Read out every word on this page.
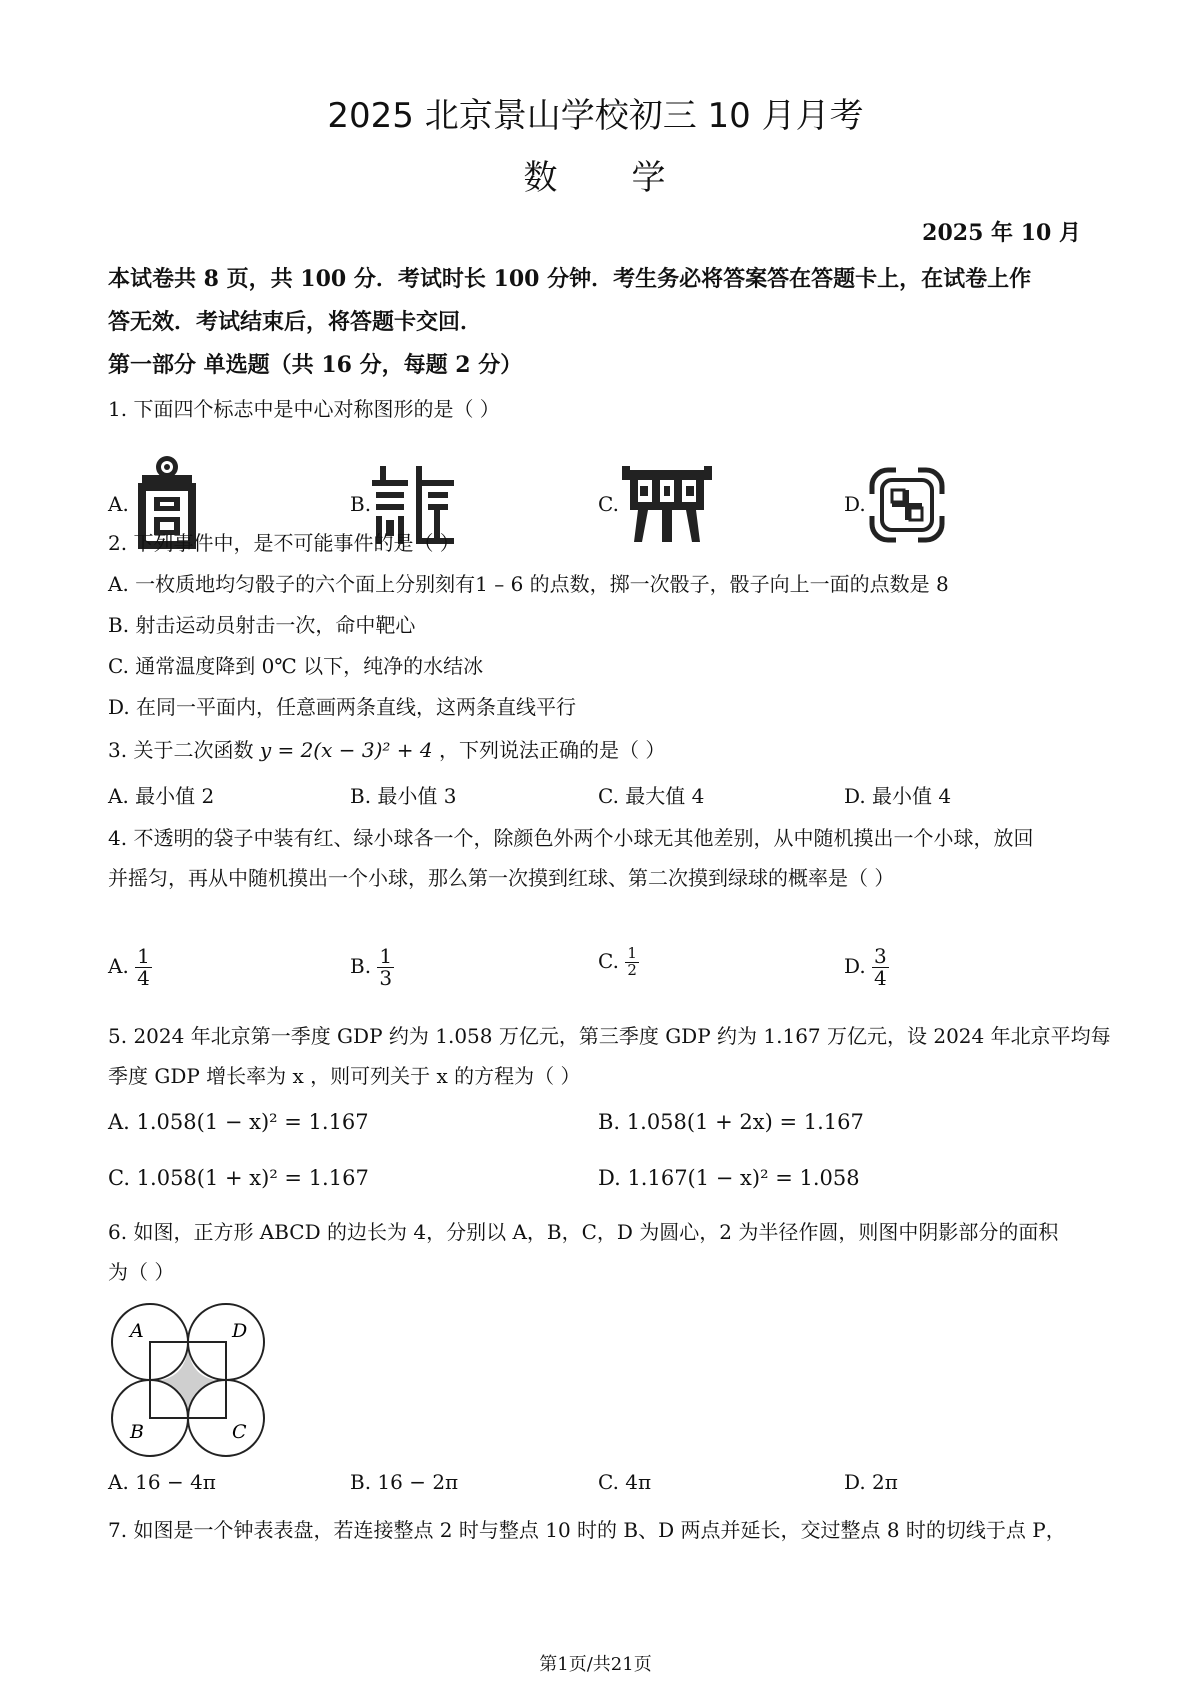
2025 北京景山学校初三 10 月月考
数　　学
2025 年 10 月
本试卷共 8 页，共 100 分．考试时长 100 分钟．考生务必将答案答在答题卡上，在试卷上作
答无效．考试结束后，将答题卡交回．
第一部分 单选题（共 16 分，每题 2 分）
1. 下面四个标志中是中心对称图形的是（ ）
A.	B.	C.	D.
2. 下列事件中，是不可能事件的是（ ）
A. 一枚质地均匀骰子的六个面上分别刻有1 – 6 的点数，掷一次骰子，骰子向上一面的点数是 8
B. 射击运动员射击一次，命中靶心
C. 通常温度降到 0℃ 以下，纯净的水结冰
D. 在同一平面内，任意画两条直线，这两条直线平行
3. 关于二次函数 y = 2(x − 3)² + 4 ，下列说法正确的是（ ）
A. 最小值 2	B. 最小值 3	C. 最大值 4	D. 最小值 4
4. 不透明的袋子中装有红、绿小球各一个，除颜色外两个小球无其他差别，从中随机摸出一个小球，放回
并摇匀，再从中随机摸出一个小球，那么第一次摸到红球、第二次摸到绿球的概率是（ ）
A. $\frac{1}{4}$	B. $\frac{1}{3}$	C. $\frac{1}{2}$	D. $\frac{3}{4}$
5. 2024 年北京第一季度 GDP 约为 1.058 万亿元，第三季度 GDP 约为 1.167 万亿元，设 2024 年北京平均每
季度 GDP 增长率为 x ，则可列关于 x 的方程为（ ）
A. 1.058(1 − x)² = 1.167	B. 1.058(1 + 2x) = 1.167
C. 1.058(1 + x)² = 1.167	D. 1.167(1 − x)² = 1.058
6. 如图，正方形 ABCD 的边长为 4，分别以 A，B，C，D 为圆心，2 为半径作圆，则图中阴影部分的面积
为（ ）
A	D
B	C
A. 16 − 4π	B. 16 − 2π	C. 4π	D. 2π
7. 如图是一个钟表表盘，若连接整点 2 时与整点 10 时的 B、D 两点并延长，交过整点 8 时的切线于点 P，
第1页/共21页
